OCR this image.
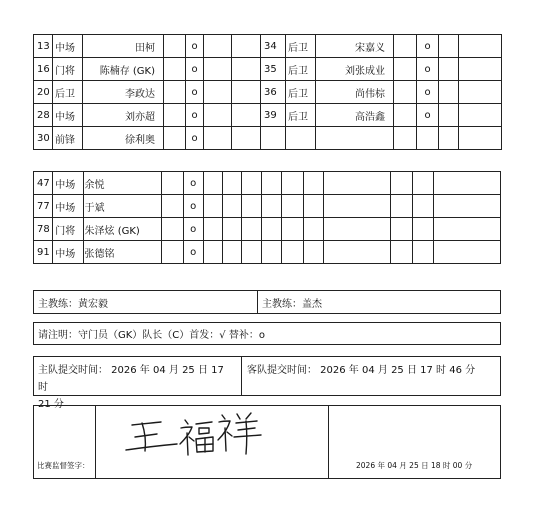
13	中场	田柯		o			34	后卫	宋嘉义		o		
16	门将	陈楠存 (GK)		o			35	后卫	刘张成业		o		
20	后卫	李政达		o			36	后卫	尚伟棕		o		
28	中场	刘亦超		o			39	后卫	高浩鑫		o		
30	前锋	徐利奥		o									
47	中场	余悦		o										
77	中场	于斌		o										
78	门将	朱泽炫 (GK)		o										
91	中场	张德铭		o										
主教练：黄宏毅	主教练：盖杰
请注明：守门员（GK）队长（C）首发：√ 替补：o
主队提交时间： 2026 年 04 月 25 日 17 时
21 分
客队提交时间： 2026 年 04 月 25 日 17 时 46 分
比赛监督签字：	2026 年 04 月 25 日 18 时 00 分
